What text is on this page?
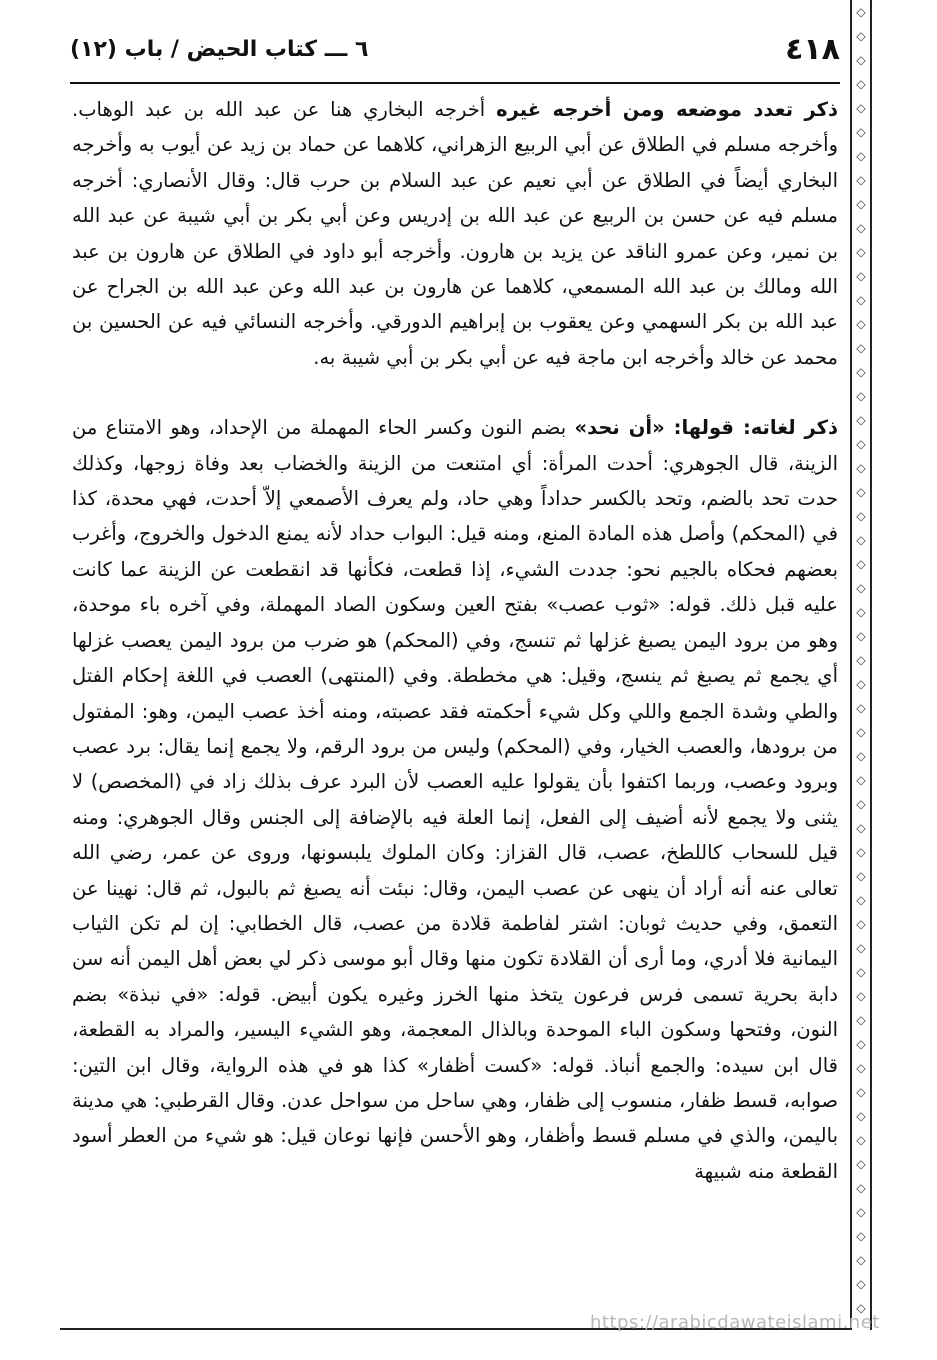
٤١٨
٦ ـــ كتاب الحيض / باب (١٢)

ذكر تعدد موضعه ومن أخرجه غيره أخرجه البخاري هنا عن عبد الله بن عبد الوهاب. وأخرجه مسلم في الطلاق عن أبي الربيع الزهراني، كلاهما عن حماد بن زيد عن أيوب به وأخرجه البخاري أيضاً في الطلاق عن أبي نعيم عن عبد السلام بن حرب قال: وقال الأنصاري: أخرجه مسلم فيه عن حسن بن الربيع عن عبد الله بن إدريس وعن أبي بكر بن أبي شيبة عن عبد الله بن نمير، وعن عمرو الناقد عن يزيد بن هارون. وأخرجه أبو داود في الطلاق عن هارون بن عبد الله ومالك بن عبد الله المسمعي، كلاهما عن هارون بن عبد الله وعن عبد الله بن الجراح عن عبد الله بن بكر السهمي وعن يعقوب بن إبراهيم الدورقي. وأخرجه النسائي فيه عن الحسين بن محمد عن خالد وأخرجه ابن ماجة فيه عن أبي بكر بن أبي شيبة به.

ذكر لغاته: قولها: «أن نحد» بضم النون وكسر الحاء المهملة من الإحداد، وهو الامتناع من الزينة، قال الجوهري: أحدت المرأة: أي امتنعت من الزينة والخضاب بعد وفاة زوجها، وكذلك حدت تحد بالضم، وتحد بالكسر حداداً وهي حاد، ولم يعرف الأصمعي إلاّ أحدت، فهي محدة، كذا في (المحكم) وأصل هذه المادة المنع، ومنه قيل: البواب حداد لأنه يمنع الدخول والخروج، وأغرب بعضهم فحكاه بالجيم نحو: جددت الشيء، إذا قطعت، فكأنها قد انقطعت عن الزينة عما كانت عليه قبل ذلك. قوله: «ثوب عصب» بفتح العين وسكون الصاد المهملة، وفي آخره باء موحدة، وهو من برود اليمن يصبغ غزلها ثم تنسج، وفي (المحكم) هو ضرب من برود اليمن يعصب غزلها أي يجمع ثم يصبغ ثم ينسج، وقيل: هي مخططة. وفي (المنتهى) العصب في اللغة إحكام الفتل والطي وشدة الجمع واللي وكل شيء أحكمته فقد عصبته، ومنه أخذ عصب اليمن، وهو: المفتول من برودها، والعصب الخيار، وفي (المحكم) وليس من برود الرقم، ولا يجمع إنما يقال: برد عصب وبرود وعصب، وربما اكتفوا بأن يقولوا عليه العصب لأن البرد عرف بذلك زاد في (المخصص) لا يثنى ولا يجمع لأنه أضيف إلى الفعل، إنما العلة فيه بالإضافة إلى الجنس وقال الجوهري: ومنه قيل للسحاب كاللطخ، عصب، قال القزاز: وكان الملوك يلبسونها، وروى عن عمر، رضي الله تعالى عنه أنه أراد أن ينهى عن عصب اليمن، وقال: نبئت أنه يصبغ ثم بالبول، ثم قال: نهينا عن التعمق، وفي حديث ثوبان: اشتر لفاطمة قلادة من عصب، قال الخطابي: إن لم تكن الثياب اليمانية فلا أدري، وما أرى أن القلادة تكون منها وقال أبو موسى ذكر لي بعض أهل اليمن أنه سن دابة بحرية تسمى فرس فرعون يتخذ منها الخرز وغيره يكون أبيض. قوله: «في نبذة» بضم النون، وفتحها وسكون الباء الموحدة وبالذال المعجمة، وهو الشيء اليسير، والمراد به القطعة، قال ابن سيده: والجمع أنباذ. قوله: «كست أظفار» كذا هو في هذه الرواية، وقال ابن التين: صوابه، قسط ظفار، منسوب إلى ظفار، وهي ساحل من سواحل عدن. وقال القرطبي: هي مدينة باليمن، والذي في مسلم قسط وأظفار، وهو الأحسن فإنها نوعان قيل: هو شيء من العطر أسود القطعة منه شبيهة

◇
◇
◇
◇
◇
◇
◇
◇
◇
◇
◇
◇
◇
◇
◇
◇
◇
◇
◇
◇
◇
◇
◇
◇
◇
◇
◇
◇
◇
◇
◇
◇
◇
◇
◇
◇
◇
◇
◇
◇
◇
◇
◇
◇
◇
◇
◇
◇
◇
◇
◇
◇
◇
◇
◇
https://arabicdawateislami.net
